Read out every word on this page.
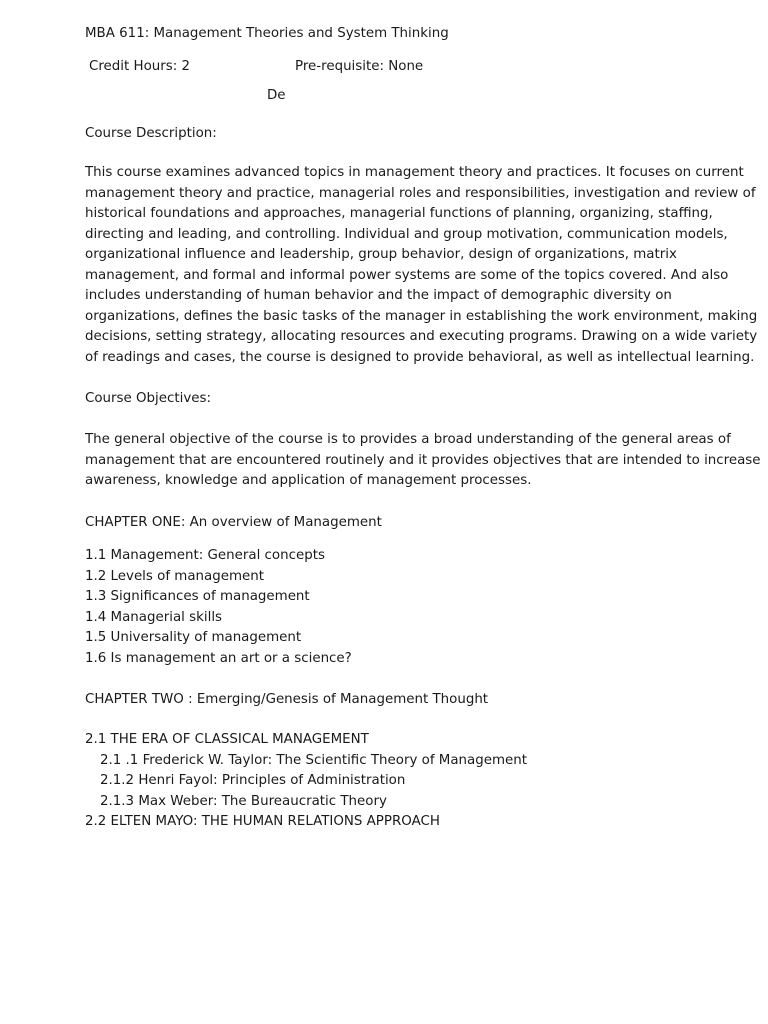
MBA 611: Management Theories and System Thinking
Credit Hours: 2	Pre-requisite: None
De
Course Description:
This course examines advanced topics in management theory and practices. It focuses on current
management theory and practice, managerial roles and responsibilities, investigation and review of
historical foundations and approaches, managerial functions of planning, organizing, staffing,
directing and leading, and controlling. Individual and group motivation, communication models,
organizational influence and leadership, group behavior, design of organizations, matrix
management, and formal and informal power systems are some of the topics covered. And also
includes understanding of human behavior and the impact of demographic diversity on
organizations, defines the basic tasks of the manager in establishing the work environment, making
decisions, setting strategy, allocating resources and executing programs. Drawing on a wide variety
of readings and cases, the course is designed to provide behavioral, as well as intellectual learning.
Course Objectives:
The general objective of the course is to provides a broad understanding of the general areas of
management that are encountered routinely and it provides objectives that are intended to increase
awareness, knowledge and application of management processes.
CHAPTER ONE: An overview of Management
1.1 Management: General concepts
1.2 Levels of management
1.3 Significances of management
1.4 Managerial skills
1.5 Universality of management
1.6 Is management an art or a science?
CHAPTER TWO : Emerging/Genesis of Management Thought
2.1 THE ERA OF CLASSICAL MANAGEMENT
2.1 .1 Frederick W. Taylor: The Scientific Theory of Management
2.1.2 Henri Fayol: Principles of Administration
2.1.3 Max Weber: The Bureaucratic Theory
2.2 ELTEN MAYO: THE HUMAN RELATIONS APPROACH
